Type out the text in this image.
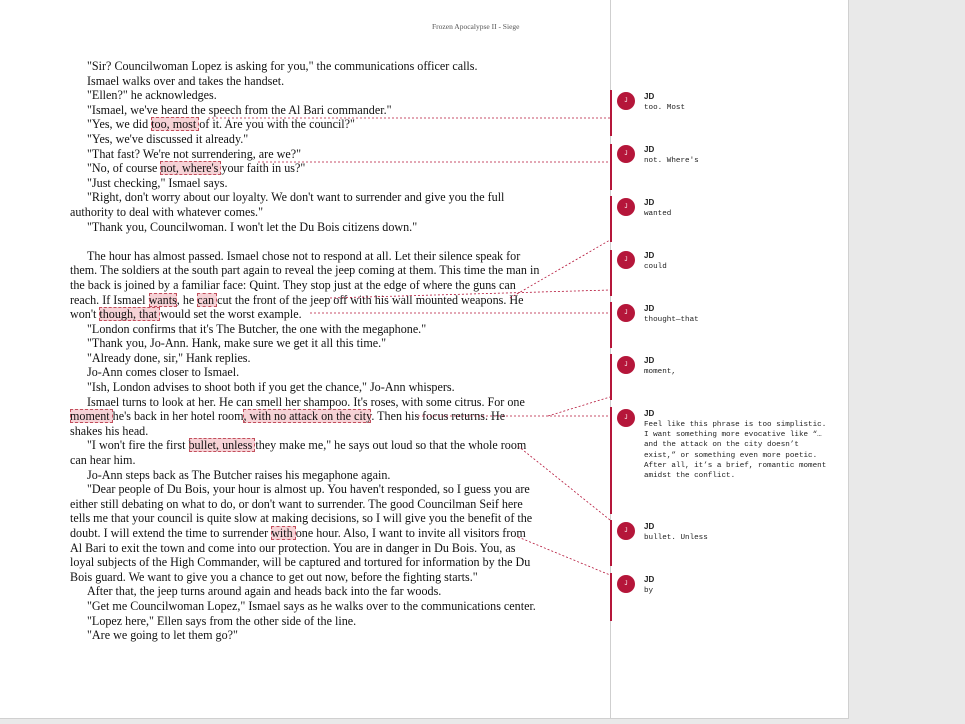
Frozen Apocalypse II - Siege

"Sir? Councilwoman Lopez is asking for you," the communications officer calls.

Ismael walks over and takes the handset.

"Ellen?" he acknowledges.

"Ismael, we've heard the speech from the Al Bari commander."

"Yes, we did too, most of it. Are you with the council?"

"Yes, we've discussed it already."

"That fast? We're not surrendering, are we?"

"No, of course not, where's your faith in us?"

"Just checking," Ismael says.

"Right, don't worry about our loyalty. We don't want to surrender and give you the full authority to deal with whatever comes."

"Thank you, Councilwoman. I won't let the Du Bois citizens down."

The hour has almost passed. Ismael chose not to respond at all. Let their silence speak for them. The soldiers at the south part again to reveal the jeep coming at them. This time the man in the back is joined by a familiar face: Quint. They stop just at the edge of where the guns can reach. If Ismael wants, he can cut the front of the jeep off with his wall mounted weapons. He won't though, that would set the worst example.

"London confirms that it's The Butcher, the one with the megaphone."

"Thank you, Jo-Ann. Hank, make sure we get it all this time."

"Already done, sir," Hank replies.

Jo-Ann comes closer to Ismael.

"Ish, London advises to shoot both if you get the chance," Jo-Ann whispers.

Ismael turns to look at her. He can smell her shampoo. It's roses, with some citrus. For one moment he's back in her hotel room, with no attack on the city. Then his focus returns. He shakes his head.

"I won't fire the first bullet, unless they make me," he says out loud so that the whole room can hear him.

Jo-Ann steps back as The Butcher raises his megaphone again.

"Dear people of Du Bois, your hour is almost up. You haven't responded, so I guess you are either still debating on what to do, or don't want to surrender. The good Councilman Seif here tells me that your council is quite slow at making decisions, so I will give you the benefit of the doubt. I will extend the time to surrender with one hour. Also, I want to invite all visitors from Al Bari to exit the town and come into our protection. You are in danger in Du Bois. You, as loyal subjects of the High Commander, will be captured and tortured for information by the Du Bois guard. We want to give you a chance to get out now, before the fighting starts."

After that, the jeep turns around again and heads back into the far woods.

"Get me Councilwoman Lopez," Ismael says as he walks over to the communications center.

"Lopez here," Ellen says from the other side of the line.

"Are we going to let them go?"

J	JD
too. Most
J	JD
not. Where's
J	JD
wanted
J	JD
could
J	JD
thought—that
J	JD
moment,
J	JD
Feel like this phrase is too simplistic. I want something more evocative like “…and the attack on the city doesn’t exist,” or something even more poetic. After all, it’s a brief, romantic moment amidst the conflict.
J	JD
bullet. Unless
J	JD
by
